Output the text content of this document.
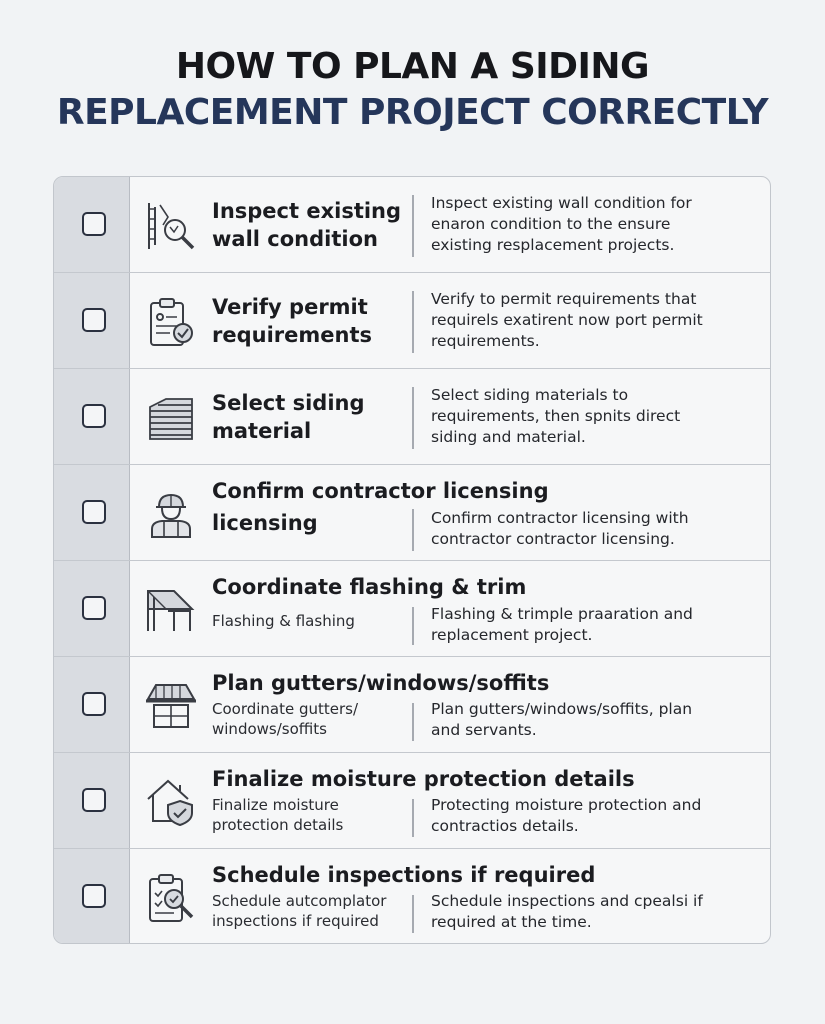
HOW TO PLAN A SIDING
REPLACEMENT PROJECT CORRECTLY
Inspect existing
wall condition
Inspect existing wall condition for
enaron condition to the ensure
existing resplacement projects.
Verify permit
requirements
Verify to permit requirements that
requirels exatirent now port permit
requirements.
Select siding
material
Select siding materials to
requirements, then spnits direct
siding and material.
Confirm contractor licensing
licensing	Confirm contractor licensing with
contractor contractor licensing.
Coordinate flashing & trim
Flashing & flashing	Flashing & trimple praaration and
replacement project.
Plan gutters/windows/soffits
Coordinate gutters/
windows/soffits
Plan gutters/windows/soffits, plan
and servants.
Finalize moisture protection details
Finalize moisture
protection details
Protecting moisture protection and
contractios details.
Schedule inspections if required
Schedule autcomplator
inspections if required
Schedule inspections and cpealsi if
required at the time.
